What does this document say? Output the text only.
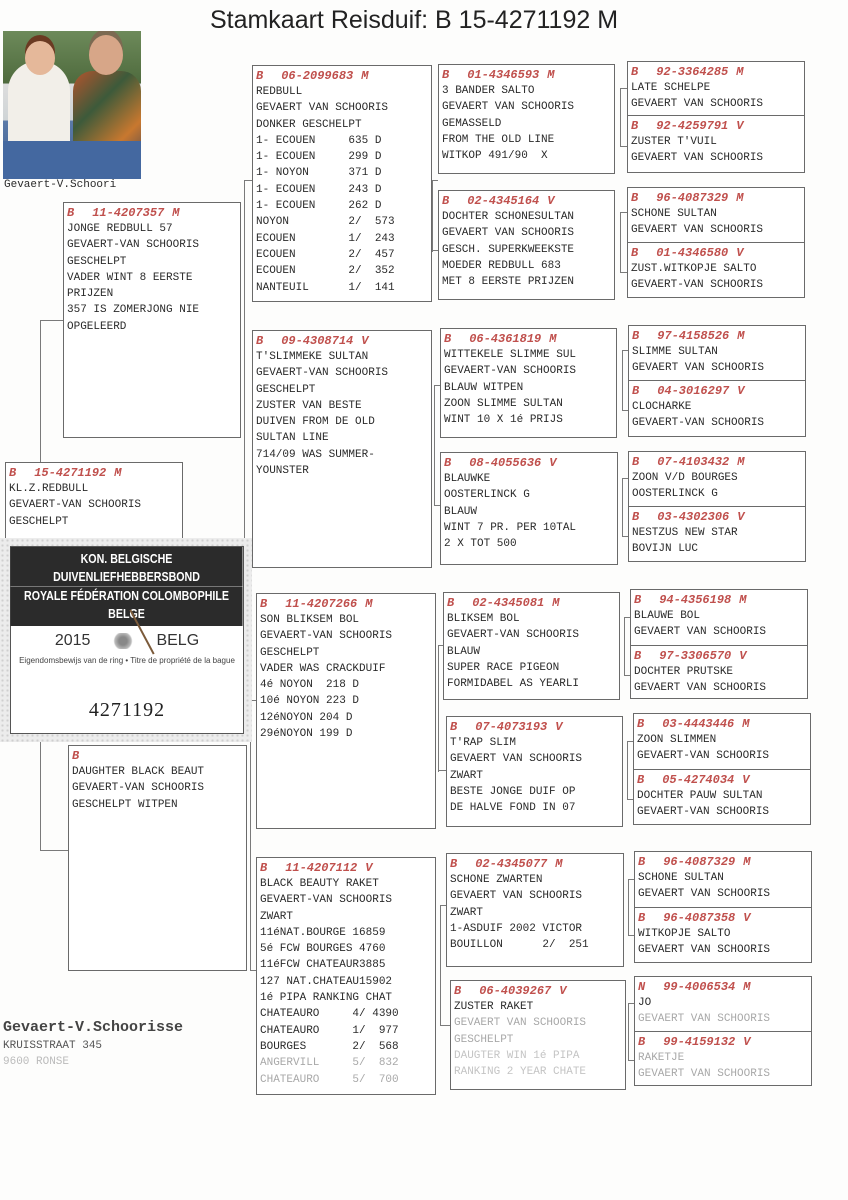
Stamkaart Reisduif: B 15-4271192 M
Gevaert-V.Schoori
B 15-4271192 M
KL.Z.REDBULL
GEVAERT-VAN SCHOORIS
GESCHELPT
B 11-4207357 M
JONGE REDBULL 57
GEVAERT-VAN SCHOORIS
GESCHELPT
VADER WINT 8 EERSTE
PRIJZEN
357 IS ZOMERJONG NIE
OPGELEERD
B
DAUGHTER BLACK BEAUT
GEVAERT-VAN SCHOORIS
GESCHELPT WITPEN
B 06-2099683 M
REDBULL
GEVAERT VAN SCHOORIS
DONKER GESCHELPT
1- ECOUEN     635 D
1- ECOUEN     299 D
1- NOYON      371 D
1- ECOUEN     243 D
1- ECOUEN     262 D
NOYON         2/  573
ECOUEN        1/  243
ECOUEN        2/  457
ECOUEN        2/  352
NANTEUIL      1/  141
B 09-4308714 V
T'SLIMMEKE SULTAN
GEVAERT-VAN SCHOORIS
GESCHELPT
ZUSTER VAN BESTE
DUIVEN FROM DE OLD
SULTAN LINE
714/09 WAS SUMMER-
YOUNSTER
B 11-4207266 M
SON BLIKSEM BOL
GEVAERT-VAN SCHOORIS
GESCHELPT
VADER WAS CRACKDUIF
4é NOYON  218 D
10é NOYON 223 D
12éNOYON 204 D
29éNOYON 199 D
B 11-4207112 V
BLACK BEAUTY RAKET
GEVAERT-VAN SCHOORIS
ZWART
11éNAT.BOURGE 16859
5é FCW BOURGES 4760
11éFCW CHATEAUR3885
127 NAT.CHATEAU15902
1é PIPA RANKING CHAT
CHATEAURO     4/ 4390
CHATEAURO     1/  977
BOURGES       2/  568
ANGERVILL     5/  832
CHATEAURO     5/  700
B 01-4346593 M
3 BANDER SALTO
GEVAERT VAN SCHOORIS
GEMASSELD
FROM THE OLD LINE
WITKOP 491/90  X
B 02-4345164 V
DOCHTER SCHONESULTAN
GEVAERT VAN SCHOORIS
GESCH. SUPERKWEEKSTE
MOEDER REDBULL 683
MET 8 EERSTE PRIJZEN
B 06-4361819 M
WITTEKELE SLIMME SUL
GEVAERT-VAN SCHOORIS
BLAUW WITPEN
ZOON SLIMME SULTAN
WINT 10 X 1é PRIJS
B 08-4055636 V
BLAUWKE
OOSTERLINCK G
BLAUW
WINT 7 PR. PER 10TAL
2 X TOT 500
B 02-4345081 M
BLIKSEM BOL
GEVAERT-VAN SCHOORIS
BLAUW
SUPER RACE PIGEON
FORMIDABEL AS YEARLI
B 07-4073193 V
T'RAP SLIM
GEVAERT VAN SCHOORIS
ZWART
BESTE JONGE DUIF OP
DE HALVE FOND IN 07
B 02-4345077 M
SCHONE ZWARTEN
GEVAERT VAN SCHOORIS
ZWART
1-ASDUIF 2002 VICTOR
BOUILLON      2/  251
B 06-4039267 V
ZUSTER RAKET
GEVAERT VAN SCHOORIS
GESCHELPT
DAUGTER WIN 1é PIPA
RANKING 2 YEAR CHATE
B 92-3364285 M
LATE SCHELPE
GEVAERT VAN SCHOORIS
B 92-4259791 V
ZUSTER T'VUIL
GEVAERT VAN SCHOORIS
B 96-4087329 M
SCHONE SULTAN
GEVAERT VAN SCHOORIS
B 01-4346580 V
ZUST.WITKOPJE SALTO
GEVAERT-VAN SCHOORIS
B 97-4158526 M
SLIMME SULTAN
GEVAERT VAN SCHOORIS
B 04-3016297 V
CLOCHARKE
GEVAERT-VAN SCHOORIS
B 07-4103432 M
ZOON V/D BOURGES
OOSTERLINCK G
B 03-4302306 V
NESTZUS NEW STAR
BOVIJN LUC
B 94-4356198 M
BLAUWE BOL
GEVAERT VAN SCHOORIS
B 97-3306570 V
DOCHTER PRUTSKE
GEVAERT VAN SCHOORIS
B 03-4443446 M
ZOON SLIMMEN
GEVAERT-VAN SCHOORIS
B 05-4274034 V
DOCHTER PAUW SULTAN
GEVAERT-VAN SCHOORIS
B 96-4087329 M
SCHONE SULTAN
GEVAERT VAN SCHOORIS
B 96-4087358 V
WITKOPJE SALTO
GEVAERT VAN SCHOORIS
N 99-4006534 M
JO
GEVAERT VAN SCHOORIS
B 99-4159132 V
RAKETJE
GEVAERT VAN SCHOORIS
KON. BELGISCHE DUIVENLIEFHEBBERSBOND
ROYALE FÉDÉRATION COLOMBOPHILE BELGE
2015	BELG
Eigendomsbewijs van de ring • Titre de propriété de la bague
4271192
Gevaert-V.Schoorisse
KRUISSTRAAT 345
9600 RONSE
